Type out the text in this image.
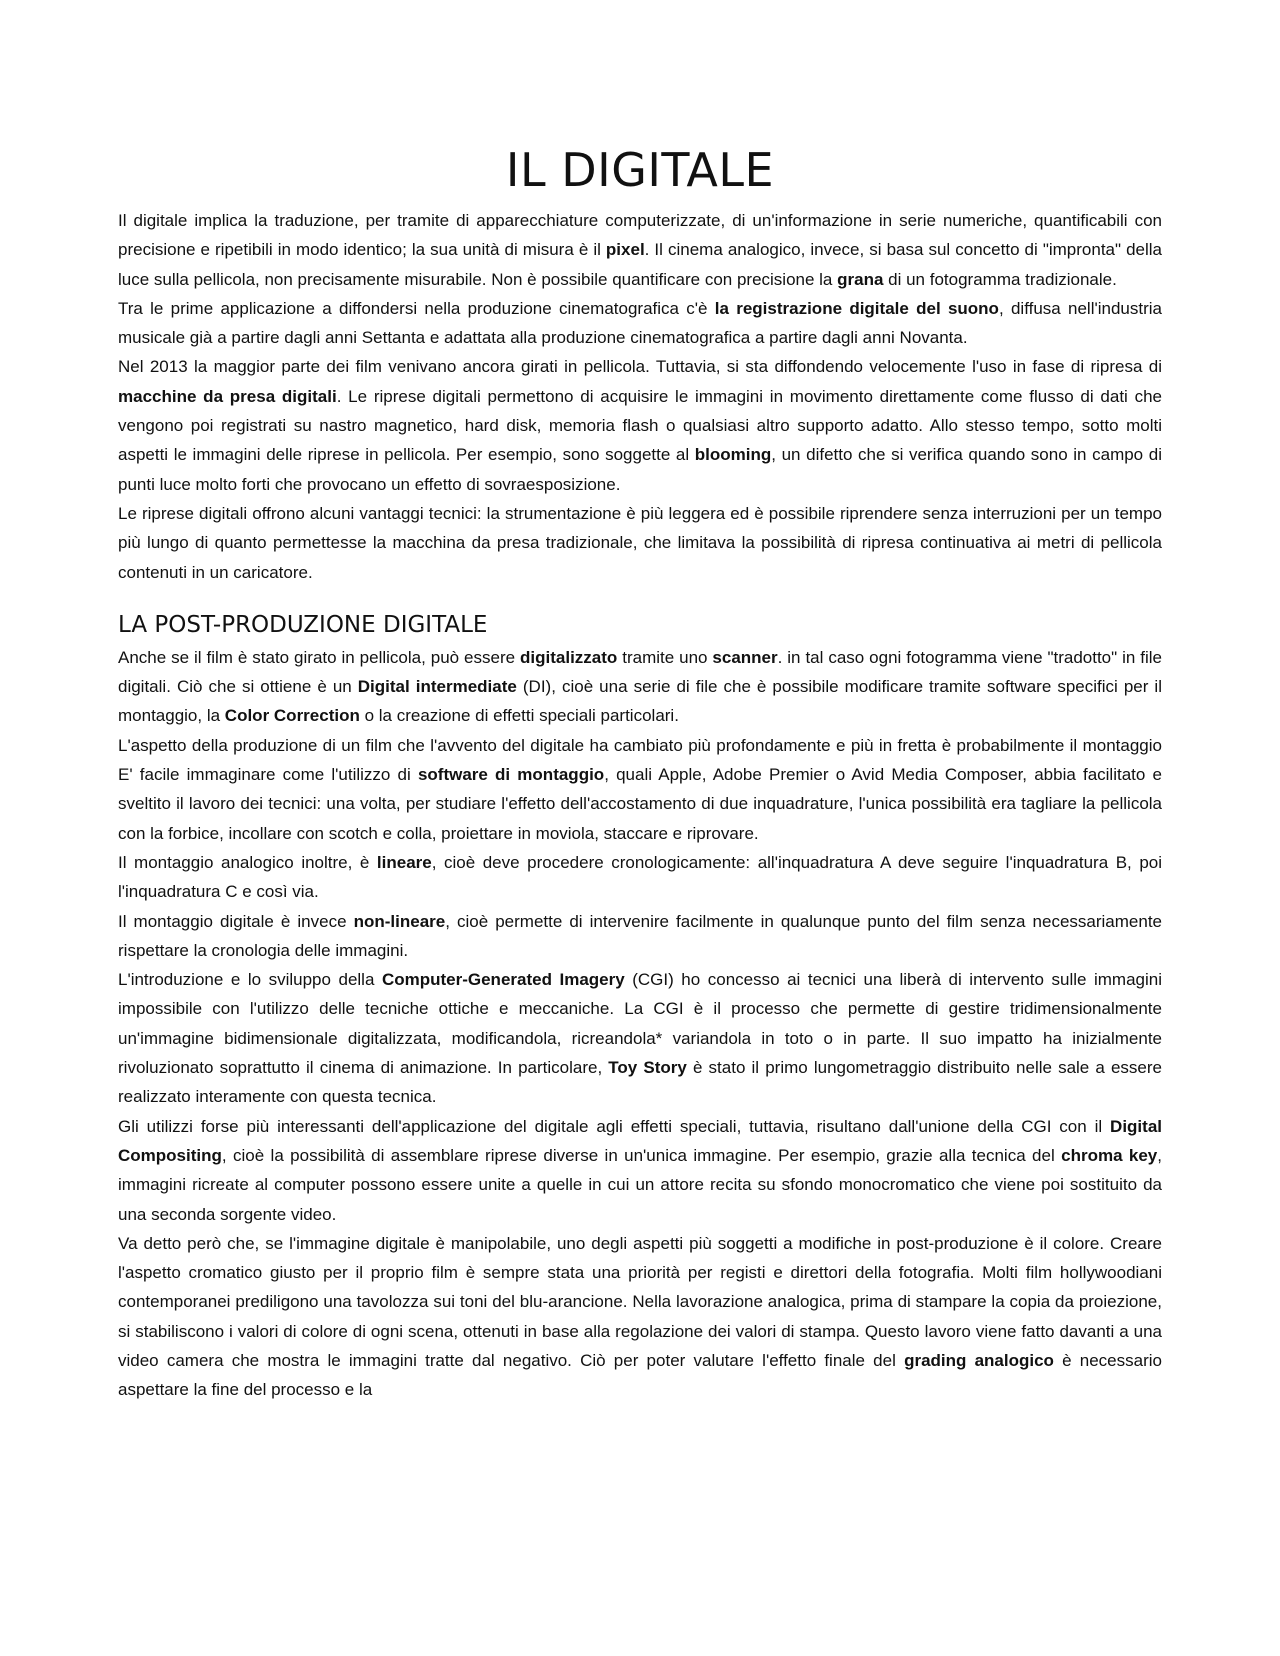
IL DIGITALE

Il digitale implica la traduzione, per tramite di apparecchiature computerizzate, di un'informazione in serie numeriche, quantificabili con precisione e ripetibili in modo identico; la sua unità di misura è il pixel. Il cinema analogico, invece, si basa sul concetto di "impronta" della luce sulla pellicola, non precisamente misurabile. Non è possibile quantificare con precisione la grana di un fotogramma tradizionale.

Tra le prime applicazione a diffondersi nella produzione cinematografica c'è la registrazione digitale del suono, diffusa nell'industria musicale già a partire dagli anni Settanta e adattata alla produzione cinematografica a partire dagli anni Novanta.

Nel 2013 la maggior parte dei film venivano ancora girati in pellicola. Tuttavia, si sta diffondendo velocemente l'uso in fase di ripresa di macchine da presa digitali. Le riprese digitali permettono di acquisire le immagini in movimento direttamente come flusso di dati che vengono poi registrati su nastro magnetico, hard disk, memoria flash o qualsiasi altro supporto adatto. Allo stesso tempo, sotto molti aspetti le immagini delle riprese in pellicola. Per esempio, sono soggette al blooming, un difetto che si verifica quando sono in campo di punti luce molto forti che provocano un effetto di sovraesposizione.

Le riprese digitali offrono alcuni vantaggi tecnici: la strumentazione è più leggera ed è possibile riprendere senza interruzioni per un tempo più lungo di quanto permettesse la macchina da presa tradizionale, che limitava la possibilità di ripresa continuativa ai metri di pellicola contenuti in un caricatore.

LA POST-PRODUZIONE DIGITALE

Anche se il film è stato girato in pellicola, può essere digitalizzato tramite uno scanner. in tal caso ogni fotogramma viene "tradotto" in file digitali. Ciò che si ottiene è un Digital intermediate (DI), cioè una serie di file che è possibile modificare tramite software specifici per il montaggio, la Color Correction o la creazione di effetti speciali particolari.

L'aspetto della produzione di un film che l'avvento del digitale ha cambiato più profondamente e più in fretta è probabilmente il montaggio E' facile immaginare come l'utilizzo di software di montaggio, quali Apple, Adobe Premier o Avid Media Composer, abbia facilitato e sveltito il lavoro dei tecnici: una volta, per studiare l'effetto dell'accostamento di due inquadrature, l'unica possibilità era tagliare la pellicola con la forbice, incollare con scotch e colla, proiettare in moviola, staccare e riprovare.

Il montaggio analogico inoltre, è lineare, cioè deve procedere cronologicamente: all'inquadratura A deve seguire l'inquadratura B, poi l'inquadratura C e così via.

Il montaggio digitale è invece non-lineare, cioè permette di intervenire facilmente in qualunque punto del film senza necessariamente rispettare la cronologia delle immagini.

L'introduzione e lo sviluppo della Computer-Generated Imagery (CGI) ho concesso ai tecnici una liberà di intervento sulle immagini impossibile con l'utilizzo delle tecniche ottiche e meccaniche. La CGI è il processo che permette di gestire tridimensionalmente un'immagine bidimensionale digitalizzata, modificandola, ricreandola* variandola in toto o in parte. Il suo impatto ha inizialmente rivoluzionato soprattutto il cinema di animazione. In particolare, Toy Story è stato il primo lungometraggio distribuito nelle sale a essere realizzato interamente con questa tecnica.

Gli utilizzi forse più interessanti dell'applicazione del digitale agli effetti speciali, tuttavia, risultano dall'unione della CGI con il Digital Compositing, cioè la possibilità di assemblare riprese diverse in un'unica immagine. Per esempio, grazie alla tecnica del chroma key, immagini ricreate al computer possono essere unite a quelle in cui un attore recita su sfondo monocromatico che viene poi sostituito da una seconda sorgente video.

Va detto però che, se l'immagine digitale è manipolabile, uno degli aspetti più soggetti a modifiche in post-produzione è il colore. Creare l'aspetto cromatico giusto per il proprio film è sempre stata una priorità per registi e direttori della fotografia. Molti film hollywoodiani contemporanei prediligono una tavolozza sui toni del blu-arancione. Nella lavorazione analogica, prima di stampare la copia da proiezione, si stabiliscono i valori di colore di ogni scena, ottenuti in base alla regolazione dei valori di stampa. Questo lavoro viene fatto davanti a una video camera che mostra le immagini tratte dal negativo. Ciò per poter valutare l'effetto finale del grading analogico è necessario aspettare la fine del processo e la
